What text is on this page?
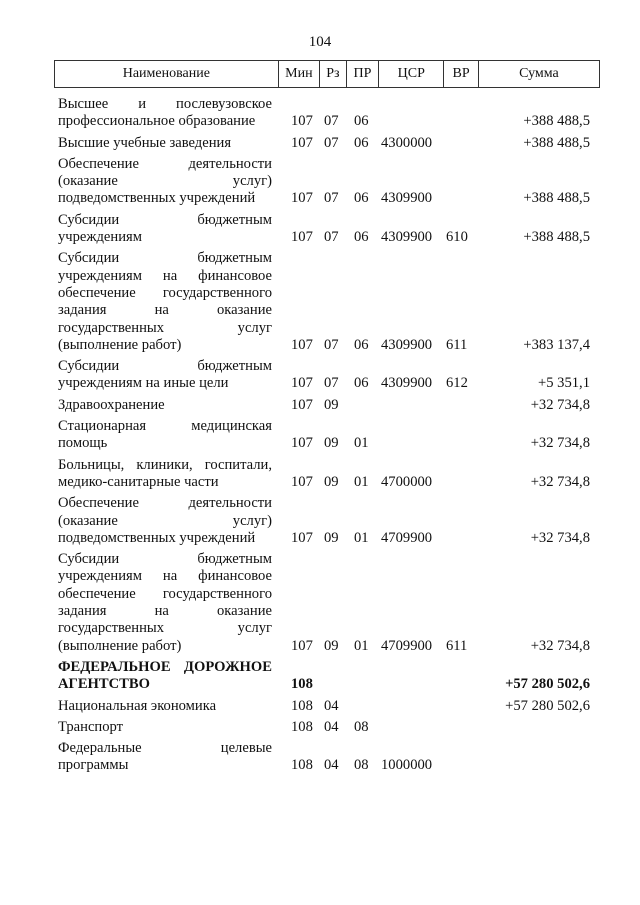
104
Наименование	Мин Рз ПР	ЦСР	ВР	Сумма
Высшее и послевузовское
профессиональное образование	107 07 06	+388 488,5
Высшие учебные заведения	107 07 06 4300000	+388 488,5
Обеспечение деятельности
(оказание услуг)
подведомственных учреждений	107 07 06 4309900	+388 488,5
Субсидии бюджетным
учреждениям	107 07 06 4309900 610	+388 488,5
Субсидии бюджетным
учреждениям на финансовое
обеспечение государственного
задания на оказание
государственных услуг
(выполнение работ)	107 07 06 4309900 611	+383 137,4
Субсидии бюджетным
учреждениям на иные цели	107 07 06 4309900 612	+5 351,1
Здравоохранение	107 09	+32 734,8
Стационарная медицинская
помощь	107 09 01	+32 734,8
Больницы, клиники, госпитали,
медико-санитарные части	107 09 01 4700000	+32 734,8
Обеспечение деятельности
(оказание услуг)
подведомственных учреждений	107 09 01 4709900	+32 734,8
Субсидии бюджетным
учреждениям на финансовое
обеспечение государственного
задания на оказание
государственных услуг
(выполнение работ)	107 09 01 4709900 611	+32 734,8
ФЕДЕРАЛЬНОЕ ДОРОЖНОЕ
АГЕНТСТВО	108	+57 280 502,6
Национальная экономика	108 04	+57 280 502,6
Транспорт	108 04 08
Федеральные целевые
программы	108 04 08 1000000
